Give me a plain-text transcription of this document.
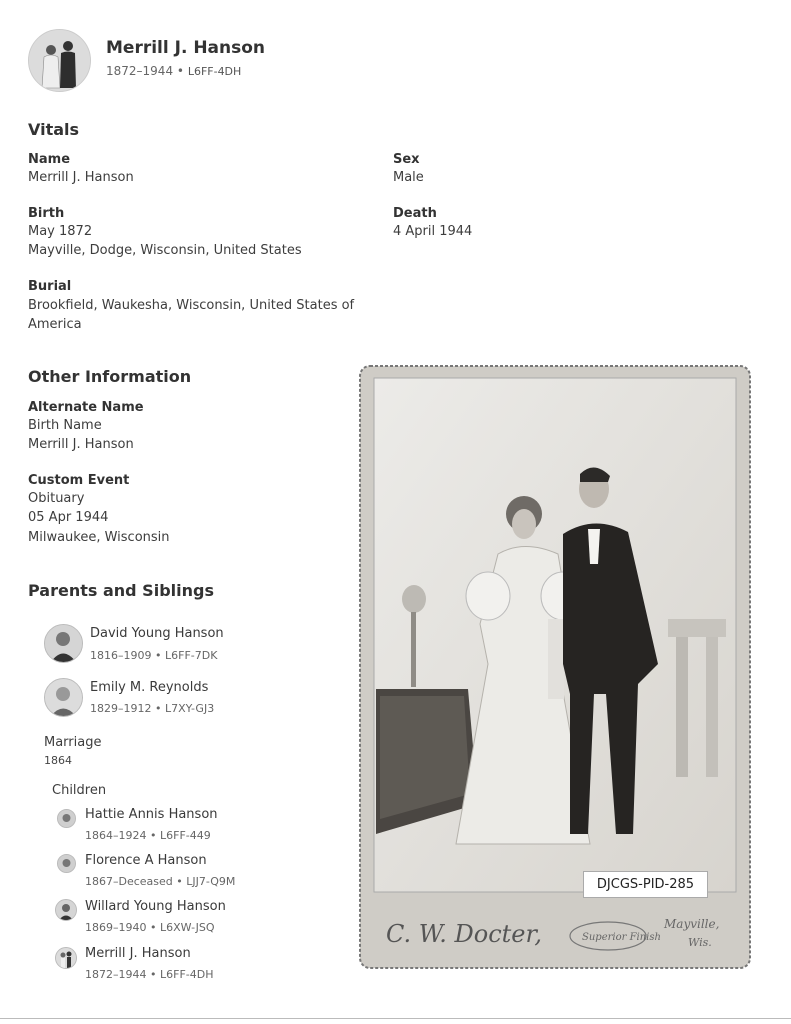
Merrill J. Hanson
1872–1944 • L6FF-4DH
Vitals
Name
Merrill J. Hanson
Sex
Male
Birth
May 1872
Mayville, Dodge, Wisconsin, United States
Death
4 April 1944
Burial
Brookfield, Waukesha, Wisconsin, United States of
America
Other Information
Alternate Name
Birth Name
Merrill J. Hanson
Custom Event
Obituary
05 Apr 1944
Milwaukee, Wisconsin
Parents and Siblings
David Young Hanson
1816–1909 • L6FF-7DK
Emily M. Reynolds
1829–1912 • L7XY-GJ3
Marriage
1864
Children
Hattie Annis Hanson
1864–1924 • L6FF-449
Florence A Hanson
1867–Deceased • LJJ7-Q9M
Willard Young Hanson
1869–1940 • L6XW-JSQ
Merrill J. Hanson
1872–1944 • L6FF-4DH
C. W. Docter,	Superior Finish
Mayville,
Wis.
DJCGS-PID-285
